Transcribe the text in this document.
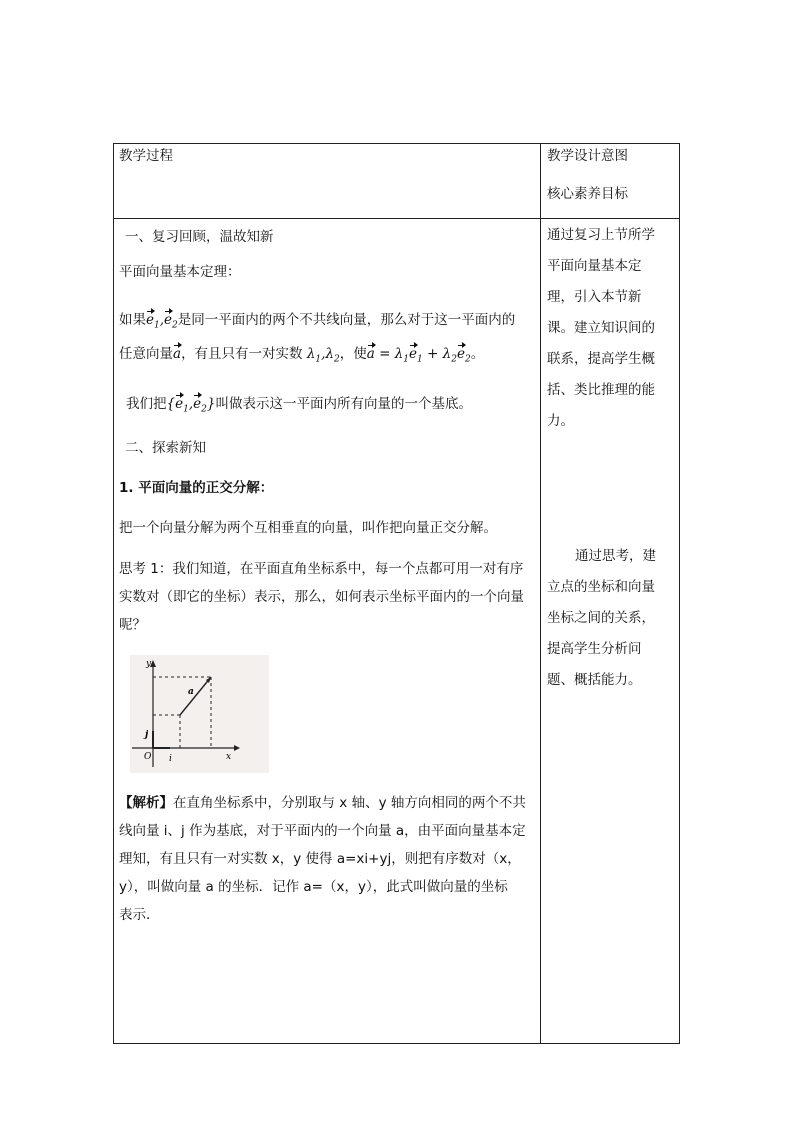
教学过程	教学设计意图
核心素养目标
一、复习回顾，温故知新
平面向量基本定理：
如果$e_1,e_2$是同一平面内的两个不共线向量，那么对于这一平面内的
任意向量a，有且只有一对实数 $\lambda_1,\lambda_2$，使$a = \lambda_1e_1 + \lambda_2e_2$。
我们把$\{e_1,e_2\}$叫做表示这一平面内所有向量的一个基底。
二、探索新知
1. 平面向量的正交分解：
把一个向量分解为两个互相垂直的向量，叫作把向量正交分解。
思考 1：我们知道，在平面直角坐标系中，每一个点都可用一对有序
实数对（即它的坐标）表示，那么，如何表示坐标平面内的一个向量
呢？
y
x
O i
j
a
【解析】在直角坐标系中，分别取与 x 轴、y 轴方向相同的两个不共
线向量 i、j 作为基底，对于平面内的一个向量 a，由平面向量基本定
理知，有且只有一对实数 x，y 使得 a=xi+yj，则把有序数对（x，
y），叫做向量 a 的坐标．记作 a=（x，y），此式叫做向量的坐标
表示．
通过复习上节所学
平面向量基本定
理，引入本节新
课。建立知识间的
联系，提高学生概
括、类比推理的能
力。
通过思考，建
立点的坐标和向量
坐标之间的关系，
提高学生分析问
题、概括能力。
